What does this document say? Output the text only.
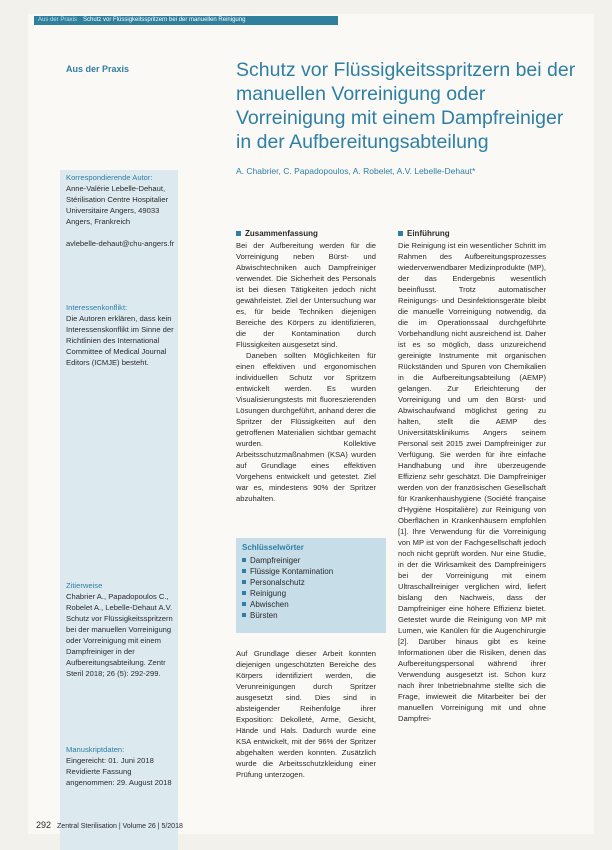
Aus der Praxis Schutz vor Flüssigkeitsspritzern bei der manuellen Reinigung
Aus der Praxis	Schutz vor Flüssigkeitsspritzern bei der manuellen Vorreinigung oder Vorreinigung mit einem Dampfreiniger in der Aufbereitungsabteilung
A. Chabrier, C. Papadopoulos, A. Robelet, A.V. Lebelle-Dehaut*
Korrespondierende Autor:
Anne-Valérie Lebelle-Dehaut, Stérilisation Centre Hospitalier Universitaire Angers, 49033 Angers, Frankreich

avlebelle-dehaut@chu-angers.fr
Interessenkonflikt:
Die Autoren erklären, dass kein Interessenskonflikt im Sinne der Richtlinien des International Committee of Medical Journal Editors (ICMJE) besteht.
Zitierweise
Chabrier A., Papadopoulos C., Robelet A., Lebelle-Dehaut A.V. Schutz vor Flüssigkeitsspritzern bei der manuellen Vorreinigung oder Vorreinigung mit einem Dampfreiniger in der Aufbereitungsabteilung. Zentr Steril 2018; 26 (5): 292-299.
Manuskriptdaten:
Eingereicht: 01. Juni 2018
Revidierte Fassung angenommen: 29. August 2018
Zusammenfassung

Bei der Aufbereitung werden für die Vorreinigung neben Bürst- und Abwischtechniken auch Dampfreiniger verwendet. Die Sicherheit des Personals ist bei diesen Tätigkeiten jedoch nicht gewährleistet. Ziel der Untersuchung war es, für beide Techniken diejenigen Bereiche des Körpers zu identifizieren, die der Kontamination durch Flüssigkeiten ausgesetzt sind.

Daneben sollten Möglichkeiten für einen effektiven und ergonomischen individuellen Schutz vor Spritzern entwickelt werden. Es wurden Visualisierungstests mit fluoreszierenden Lösungen durchgeführt, anhand derer die Spritzer der Flüssigkeiten auf den getroffenen Materialien sichtbar gemacht wurden. Kollektive Arbeitsschutzmaßnahmen (KSA) wurden auf Grundlage eines effektiven Vorgehens entwickelt und getestet. Ziel war es, mindestens 90% der Spritzer abzuhalten.

Schlüsselwörter
Dampfreiniger
Flüssige Kontamination
Personalschutz
Reinigung
Abwischen
Bürsten

Auf Grundlage dieser Arbeit konnten diejenigen ungeschützten Bereiche des Körpers identifiziert werden, die Verunreinigungen durch Spritzer ausgesetzt sind. Dies sind in absteigender Reihenfolge ihrer Exposition: Dekolleté, Arme, Gesicht, Hände und Hals. Dadurch wurde eine KSA entwickelt, mit der 96% der Spritzer abgehalten werden konnten. Zusätzlich wurde die Arbeitsschutzkleidung einer Prüfung unterzogen.

Einführung

Die Reinigung ist ein wesentlicher Schritt im Rahmen des Aufbereitungsprozesses wiederverwendbarer Medizinprodukte (MP), der das Endergebnis wesentlich beeinflusst. Trotz automatischer Reinigungs- und Desinfektionsgeräte bleibt die manuelle Vorreinigung notwendig, da die im Operationssaal durchgeführte Vorbehandlung nicht ausreichend ist. Daher ist es so möglich, dass unzureichend gereinigte Instrumente mit organischen Rückständen und Spuren von Chemikalien in die Aufbereitungsabteilung (AEMP) gelangen. Zur Erleichterung der Vorreinigung und um den Bürst- und Abwischaufwand möglichst gering zu halten, stellt die AEMP des Universitätsklinikums Angers seinem Personal seit 2015 zwei Dampfreiniger zur Verfügung. Sie werden für ihre einfache Handhabung und ihre überzeugende Effizienz sehr geschätzt. Die Dampfreiniger werden von der französischen Gesellschaft für Krankenhaushygiene (Société française d'Hygiène Hospitalière) zur Reinigung von Oberflächen in Krankenhäusern empfohlen [1]. Ihre Verwendung für die Vorreinigung von MP ist von der Fachgesellschaft jedoch noch nicht geprüft worden. Nur eine Studie, in der die Wirksamkeit des Dampfreinigers bei der Vorreinigung mit einem Ultraschallreiniger verglichen wird, liefert bislang den Nachweis, dass der Dampfreiniger eine höhere Effizienz bietet. Getestet wurde die Reinigung von MP mit Lumen, wie Kanülen für die Augenchirurgie [2]. Darüber hinaus gibt es keine Informationen über die Risiken, denen das Aufbereitungspersonal während ihrer Verwendung ausgesetzt ist. Schon kurz nach ihrer Inbetriebnahme stellte sich die Frage, inwieweit die Mitarbeiter bei der manuellen Vorreinigung mit und ohne Dampfrei-

292 Zentral Sterilisation | Volume 26 | 5/2018
